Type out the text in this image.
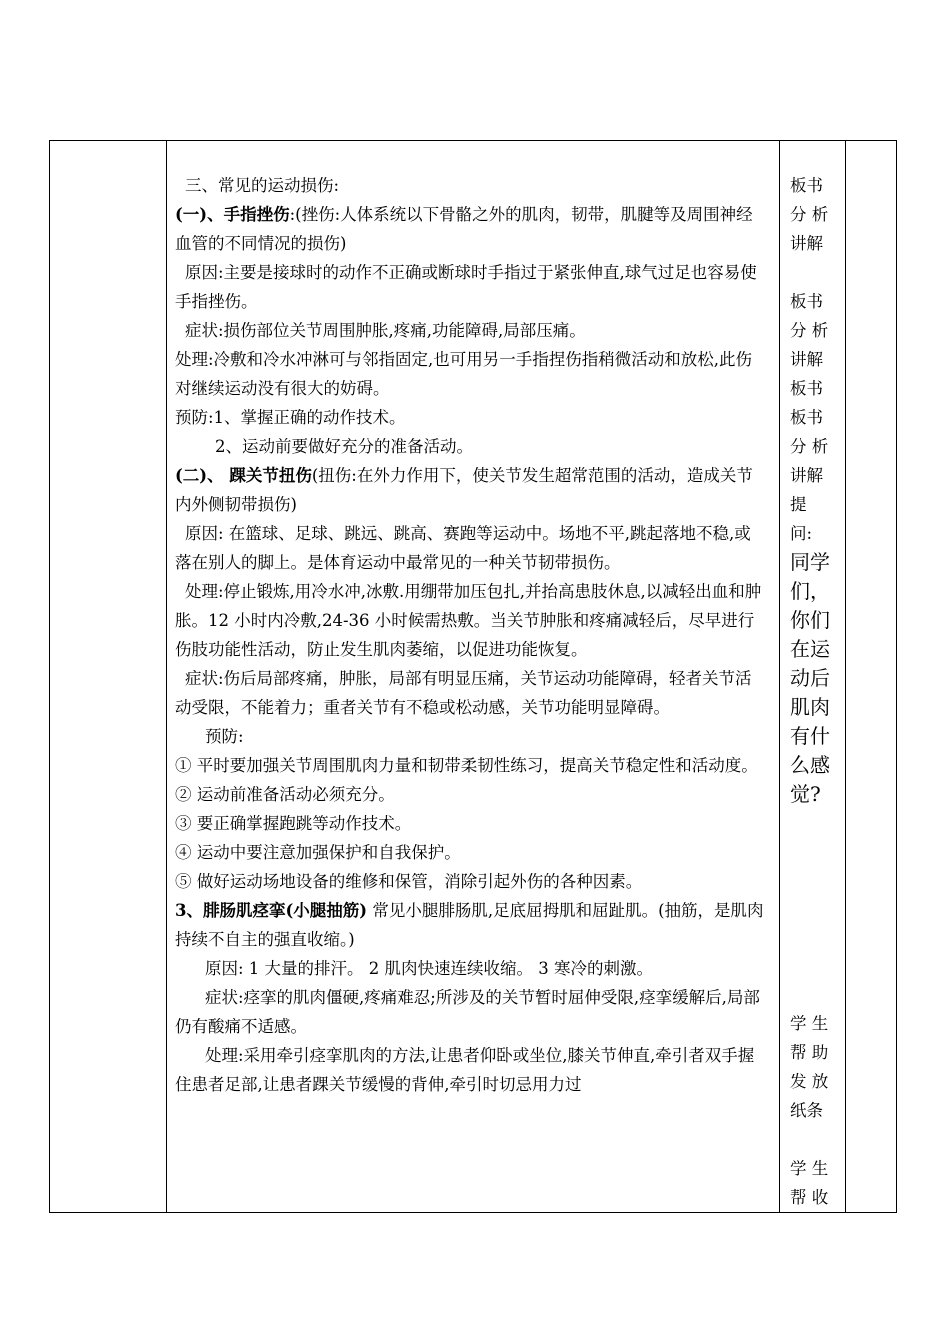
三、常见的运动损伤:

(一)、手指挫伤:(挫伤:人体系统以下骨骼之外的肌肉，韧带，肌腱等及周围神经血管的不同情况的损伤)

原因:主要是接球时的动作不正确或断球时手指过于紧张伸直,球气过足也容易使手指挫伤。

症状:损伤部位关节周围肿胀,疼痛,功能障碍,局部压痛。

处理:冷敷和冷水冲淋可与邻指固定,也可用另一手指捏伤指稍微活动和放松,此伤对继续运动没有很大的妨碍。

预防:1、掌握正确的动作技术。

2、运动前要做好充分的准备活动。

(二)、 踝关节扭伤(扭伤:在外力作用下，使关节发生超常范围的活动，造成关节内外侧韧带损伤)

原因: 在篮球、足球、跳远、跳高、赛跑等运动中。场地不平,跳起落地不稳,或落在别人的脚上。是体育运动中最常见的一种关节韧带损伤。

处理:停止锻炼,用冷水冲,冰敷.用绷带加压包扎,并抬高患肢休息,以减轻出血和肿胀。12 小时内冷敷,24-36 小时候需热敷。当关节肿胀和疼痛减轻后，尽早进行伤肢功能性活动，防止发生肌肉萎缩，以促进功能恢复。

症状:伤后局部疼痛，肿胀，局部有明显压痛，关节运动功能障碍，轻者关节活动受限，不能着力；重者关节有不稳或松动感，关节功能明显障碍。

预防:

① 平时要加强关节周围肌肉力量和韧带柔韧性练习，提高关节稳定性和活动度。

② 运动前准备活动必须充分。

③ 要正确掌握跑跳等动作技术。

④ 运动中要注意加强保护和自我保护。

⑤ 做好运动场地设备的维修和保管，消除引起外伤的各种因素。

3、腓肠肌痉挛(小腿抽筋) 常见小腿腓肠肌,足底屈拇肌和屈趾肌。(抽筋，是肌肉持续不自主的强直收缩。)

原因: 1 大量的排汗。 2 肌肉快速连续收缩。 3 寒冷的刺激。

症状:痉挛的肌肉僵硬,疼痛难忍;所涉及的关节暂时屈伸受限,痉挛缓解后,局部仍有酸痛不适感。

处理:采用牵引痉挛肌肉的方法,让患者仰卧或坐位,膝关节伸直,牵引者双手握住患者足部,让患者踝关节缓慢的背伸,牵引时切忌用力过

板书

分 析

讲解

板书

分 析

讲解

板书

板书

分 析

讲解

提

问:

同学们，你们在运动后肌肉有什么感觉?

学 生

帮 助

发 放

纸条

学 生

帮 收
